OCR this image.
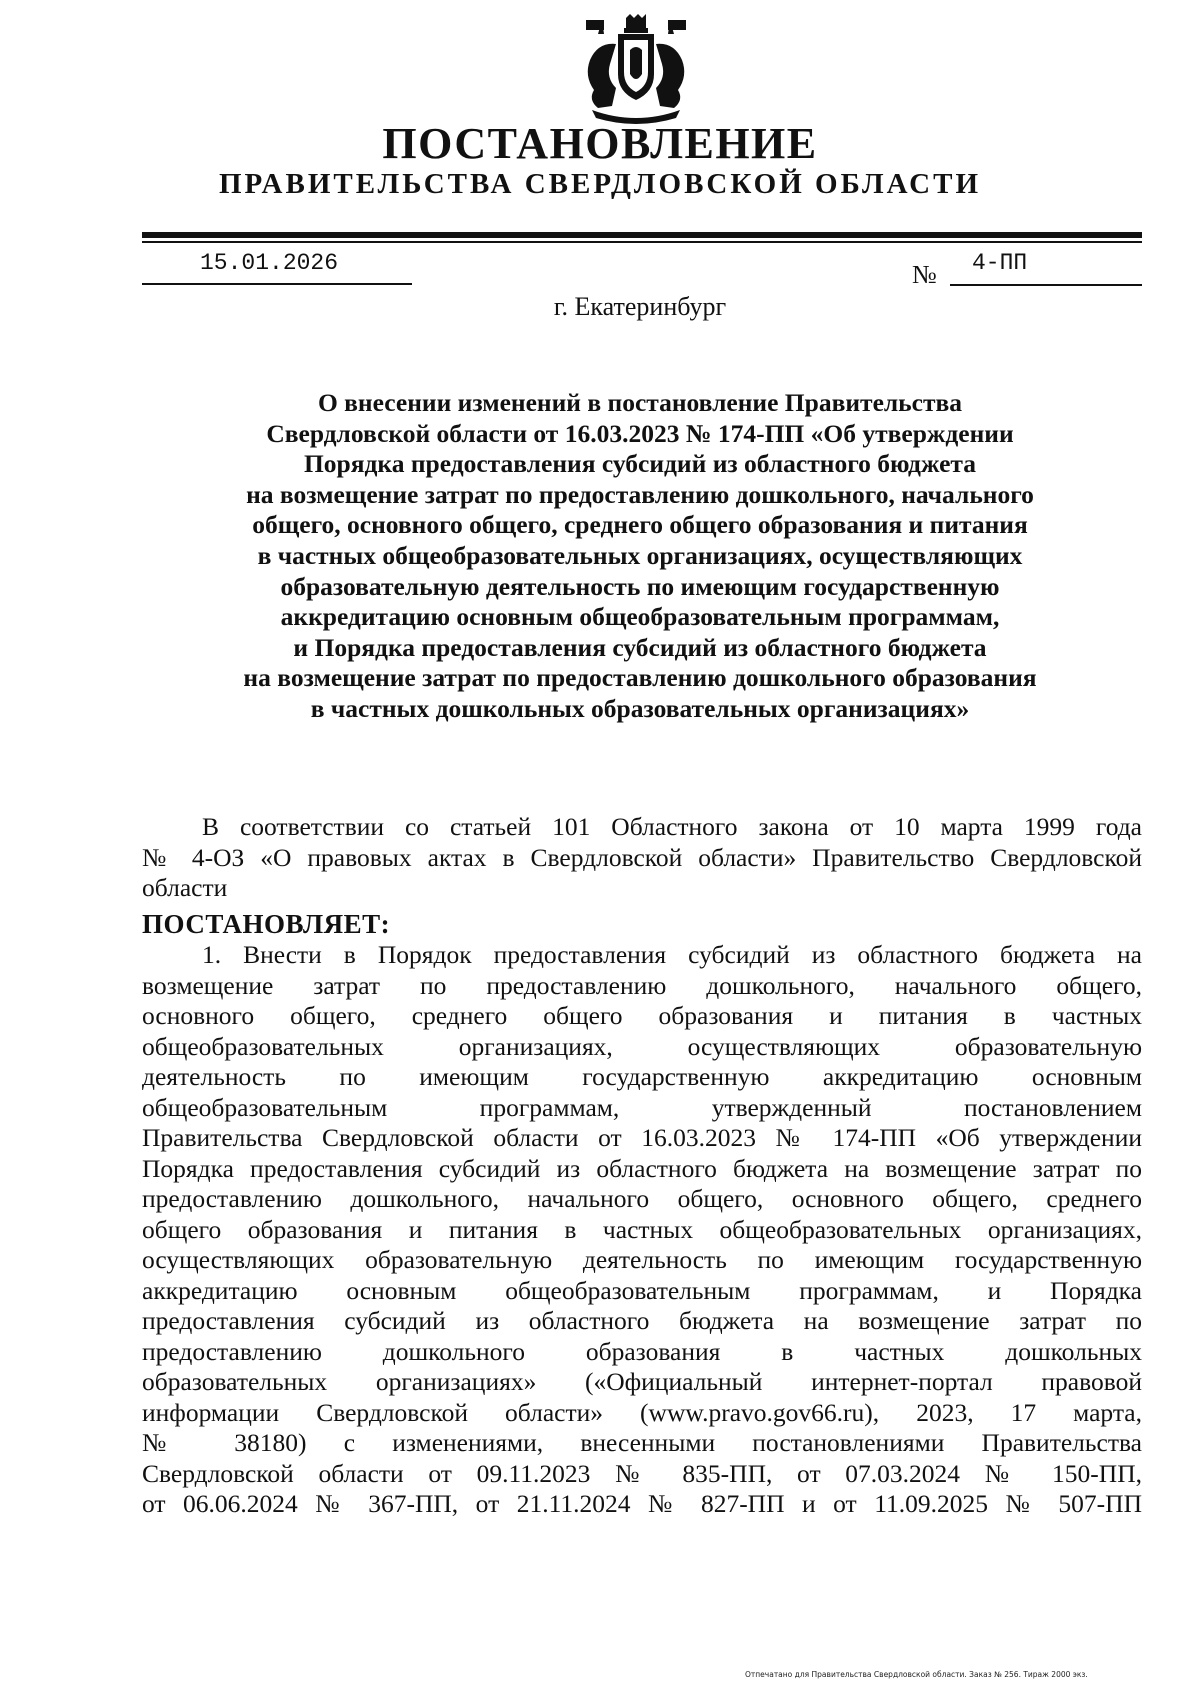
ПОСТАНОВЛЕНИЕ
ПРАВИТЕЛЬСТВА СВЕРДЛОВСКОЙ ОБЛАСТИ
15.01.2026	№ 4-ПП
г. Екатеринбург
О внесении изменений в постановление Правительства
Свердловской области от 16.03.2023 № 174-ПП «Об утверждении
Порядка предоставления субсидий из областного бюджета
на возмещение затрат по предоставлению дошкольного, начального
общего, основного общего, среднего общего образования и питания
в частных общеобразовательных организациях, осуществляющих
образовательную деятельность по имеющим государственную
аккредитацию основным общеобразовательным программам,
и Порядка предоставления субсидий из областного бюджета
на возмещение затрат по предоставлению дошкольного образования
в частных дошкольных образовательных организациях»
В соответствии со статьей 101 Областного закона от 10 марта 1999 года
№ 4-ОЗ «О правовых актах в Свердловской области» Правительство Свердловской
области
ПОСТАНОВЛЯЕТ:
1. Внести в Порядок предоставления субсидий из областного бюджета на
возмещение затрат по предоставлению дошкольного, начального общего,
основного общего, среднего общего образования и питания в частных
общеобразовательных организациях, осуществляющих образовательную
деятельность по имеющим государственную аккредитацию основным
общеобразовательным программам, утвержденный постановлением
Правительства Свердловской области от 16.03.2023 № 174-ПП «Об утверждении
Порядка предоставления субсидий из областного бюджета на возмещение затрат по
предоставлению дошкольного, начального общего, основного общего, среднего
общего образования и питания в частных общеобразовательных организациях,
осуществляющих образовательную деятельность по имеющим государственную
аккредитацию основным общеобразовательным программам, и Порядка
предоставления субсидий из областного бюджета на возмещение затрат по
предоставлению дошкольного образования в частных дошкольных
образовательных организациях» («Официальный интернет-портал правовой
информации Свердловской области» (www.pravo.gov66.ru), 2023, 17 марта,
№ 38180) с изменениями, внесенными постановлениями Правительства
Свердловской области от 09.11.2023 № 835-ПП, от 07.03.2024 № 150-ПП,
от 06.06.2024 № 367-ПП, от 21.11.2024 № 827-ПП и от 11.09.2025 № 507-ПП
Отпечатано для Правительства Свердловской области. Заказ № 256. Тираж 2000 экз.
